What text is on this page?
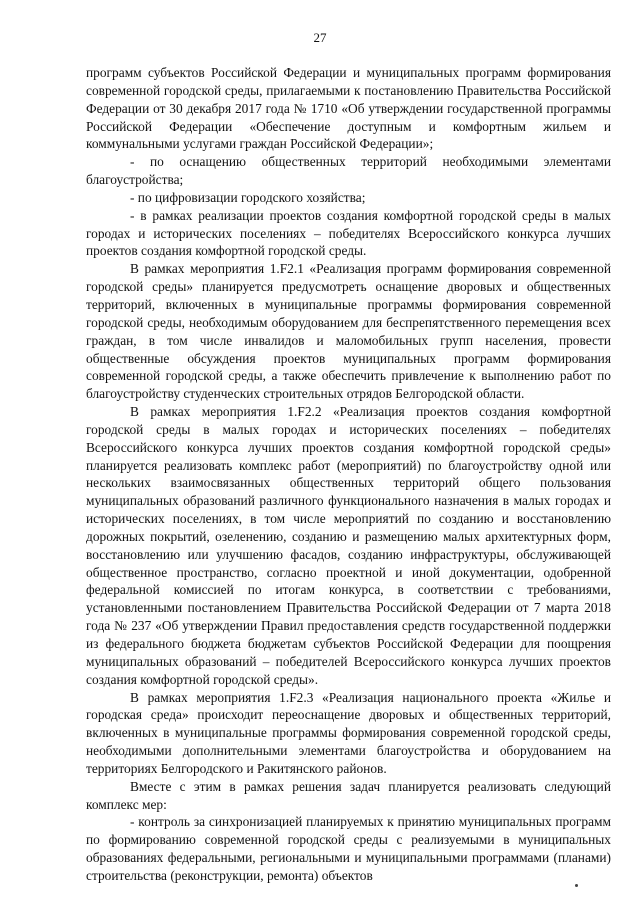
27

программ субъектов Российской Федерации и муниципальных программ формирования современной городской среды, прилагаемыми к постановлению Правительства Российской Федерации от 30 декабря 2017 года № 1710 «Об утверждении государственной программы Российской Федерации «Обеспечение доступным и комфортным жильем и коммунальными услугами граждан Российской Федерации»;

- по оснащению общественных территорий необходимыми элементами благоустройства;

- по цифровизации городского хозяйства;

- в рамках реализации проектов создания комфортной городской среды в малых городах и исторических поселениях – победителях Всероссийского конкурса лучших проектов создания комфортной городской среды.

В рамках мероприятия 1.F2.1 «Реализация программ формирования современной городской среды» планируется предусмотреть оснащение дворовых и общественных территорий, включенных в муниципальные программы формирования современной городской среды, необходимым оборудованием для беспрепятственного перемещения всех граждан, в том числе инвалидов и маломобильных групп населения, провести общественные обсуждения проектов муниципальных программ формирования современной городской среды, а также обеспечить привлечение к выполнению работ по благоустройству студенческих строительных отрядов Белгородской области.

В рамках мероприятия 1.F2.2 «Реализация проектов создания комфортной городской среды в малых городах и исторических поселениях – победителях Всероссийского конкурса лучших проектов создания комфортной городской среды» планируется реализовать комплекс работ (мероприятий) по благоустройству одной или нескольких взаимосвязанных общественных территорий общего пользования муниципальных образований различного функционального назначения в малых городах и исторических поселениях, в том числе мероприятий по созданию и восстановлению дорожных покрытий, озеленению, созданию и размещению малых архитектурных форм, восстановлению или улучшению фасадов, созданию инфраструктуры, обслуживающей общественное пространство, согласно проектной и иной документации, одобренной федеральной комиссией по итогам конкурса, в соответствии с требованиями, установленными постановлением Правительства Российской Федерации от 7 марта 2018 года № 237 «Об утверждении Правил предоставления средств государственной поддержки из федерального бюджета бюджетам субъектов Российской Федерации для поощрения муниципальных образований – победителей Всероссийского конкурса лучших проектов создания комфортной городской среды».

В рамках мероприятия 1.F2.3 «Реализация национального проекта «Жилье и городская среда» происходит переоснащение дворовых и общественных территорий, включенных в муниципальные программы формирования современной городской среды, необходимыми дополнительными элементами благоустройства и оборудованием на территориях Белгородского и Ракитянского районов.

Вместе с этим в рамках решения задач планируется реализовать следующий комплекс мер:

- контроль за синхронизацией планируемых к принятию муниципальных программ по формированию современной городской среды с реализуемыми в муниципальных образованиях федеральными, региональными и муниципальными программами (планами) строительства (реконструкции, ремонта) объектов
